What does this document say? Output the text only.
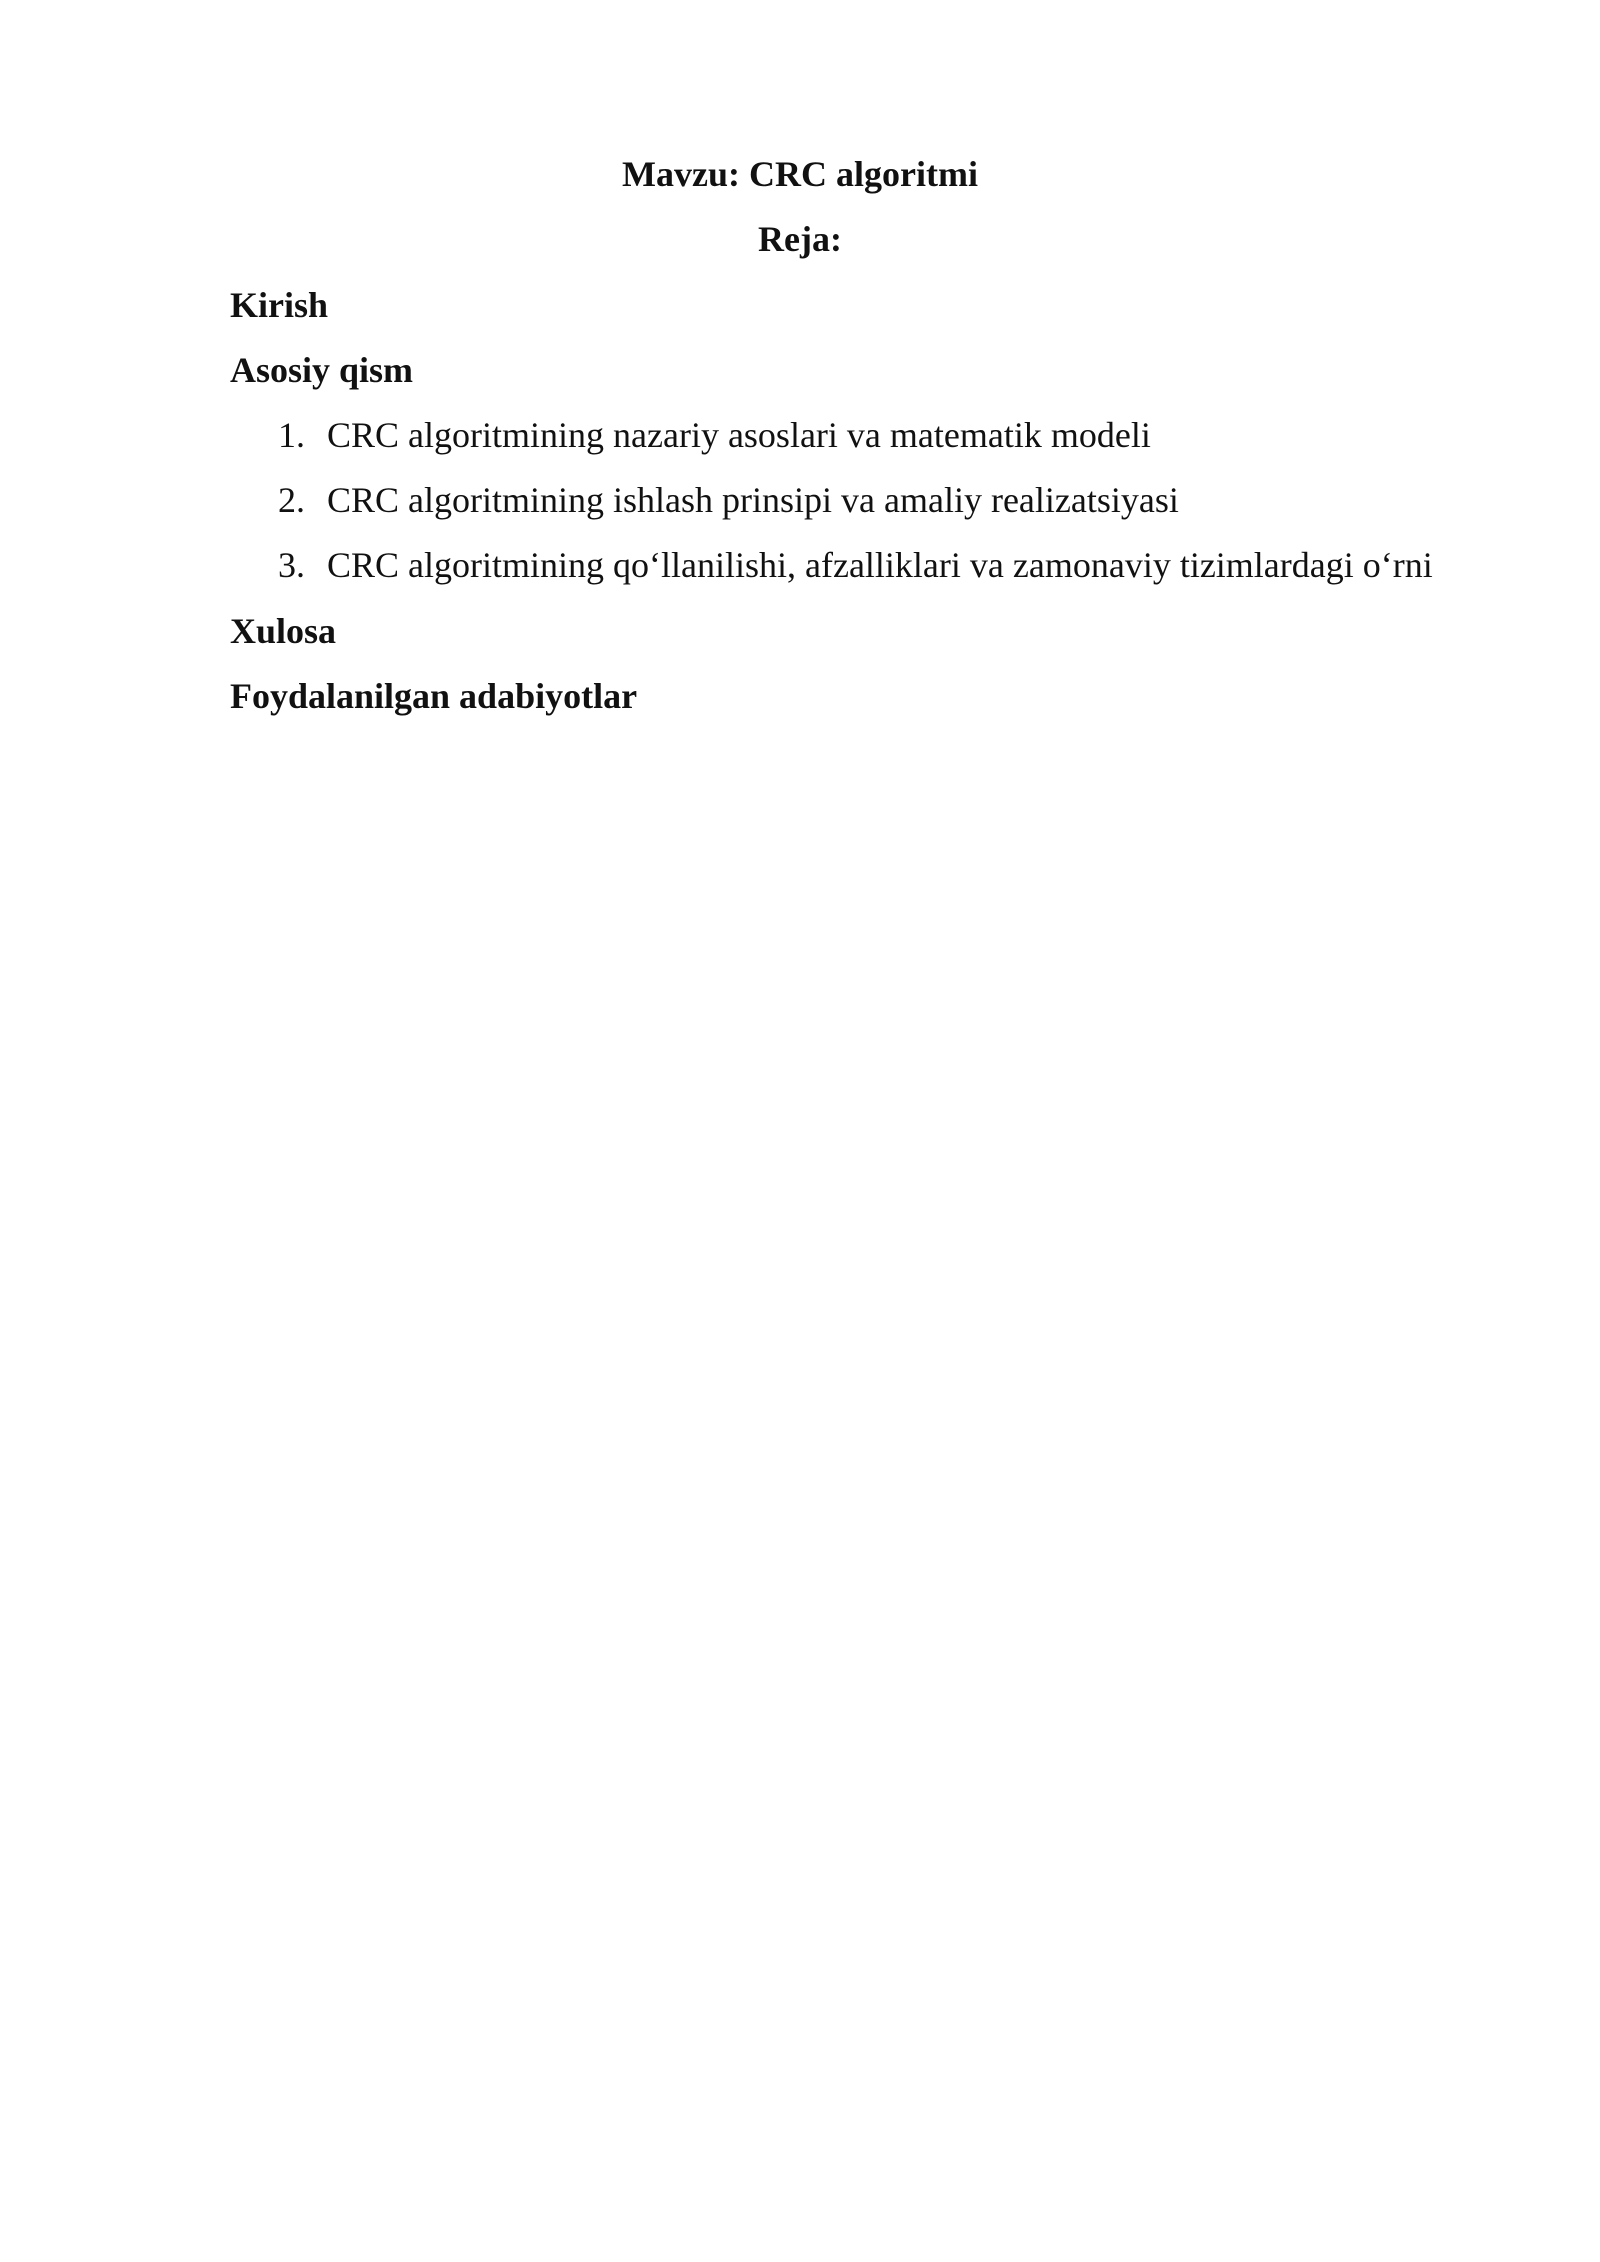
Mavzu: CRC algoritmi
Reja:
Kirish
Asosiy qism
1. CRC algoritmining nazariy asoslari va matematik modeli
2. CRC algoritmining ishlash prinsipi va amaliy realizatsiyasi
3. CRC algoritmining qo‘llanilishi, afzalliklari va zamonaviy tizimlardagi o‘rni
Xulosa
Foydalanilgan adabiyotlar
